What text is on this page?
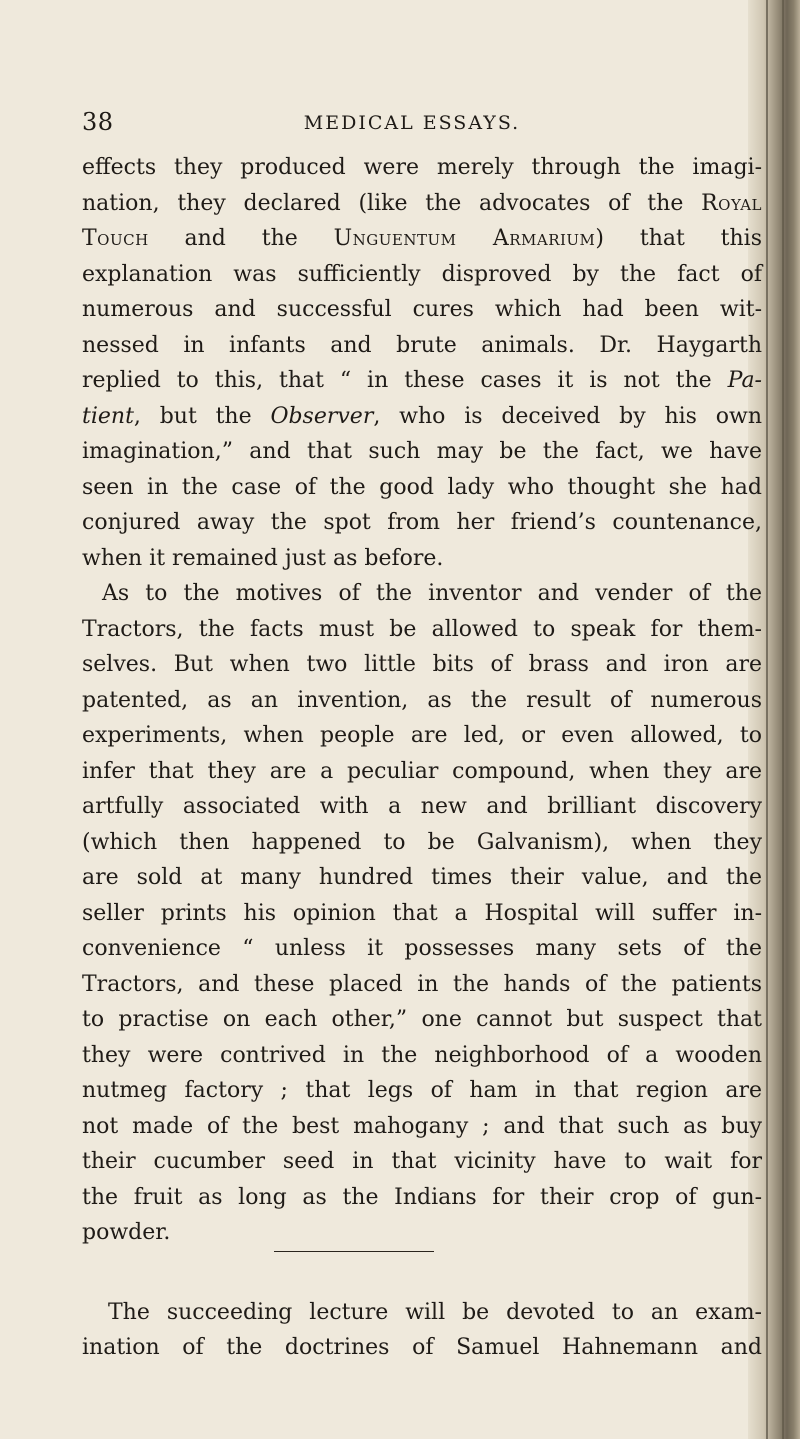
38	MEDICAL ESSAYS.
effects they produced were merely through the imagi-
nation, they declared (like the advocates of the Royal
Touch and the Unguentum Armarium) that this
explanation was sufficiently disproved by the fact of
numerous and successful cures which had been wit-
nessed in infants and brute animals. Dr. Haygarth
replied to this, that “ in these cases it is not the Pa-
tient, but the Observer, who is deceived by his own
imagination,” and that such may be the fact, we have
seen in the case of the good lady who thought she had
conjured away the spot from her friend’s countenance,
when it remained just as before.
As to the motives of the inventor and vender of the
Tractors, the facts must be allowed to speak for them-
selves. But when two little bits of brass and iron are
patented, as an invention, as the result of numerous
experiments, when people are led, or even allowed, to
infer that they are a peculiar compound, when they are
artfully associated with a new and brilliant discovery
(which then happened to be Galvanism), when they
are sold at many hundred times their value, and the
seller prints his opinion that a Hospital will suffer in-
convenience “ unless it possesses many sets of the
Tractors, and these placed in the hands of the patients
to practise on each other,” one cannot but suspect that
they were contrived in the neighborhood of a wooden
nutmeg factory ; that legs of ham in that region are
not made of the best mahogany ; and that such as buy
their cucumber seed in that vicinity have to wait for
the fruit as long as the Indians for their crop of gun-
powder.
The succeeding lecture will be devoted to an exam-
ination of the doctrines of Samuel Hahnemann and
